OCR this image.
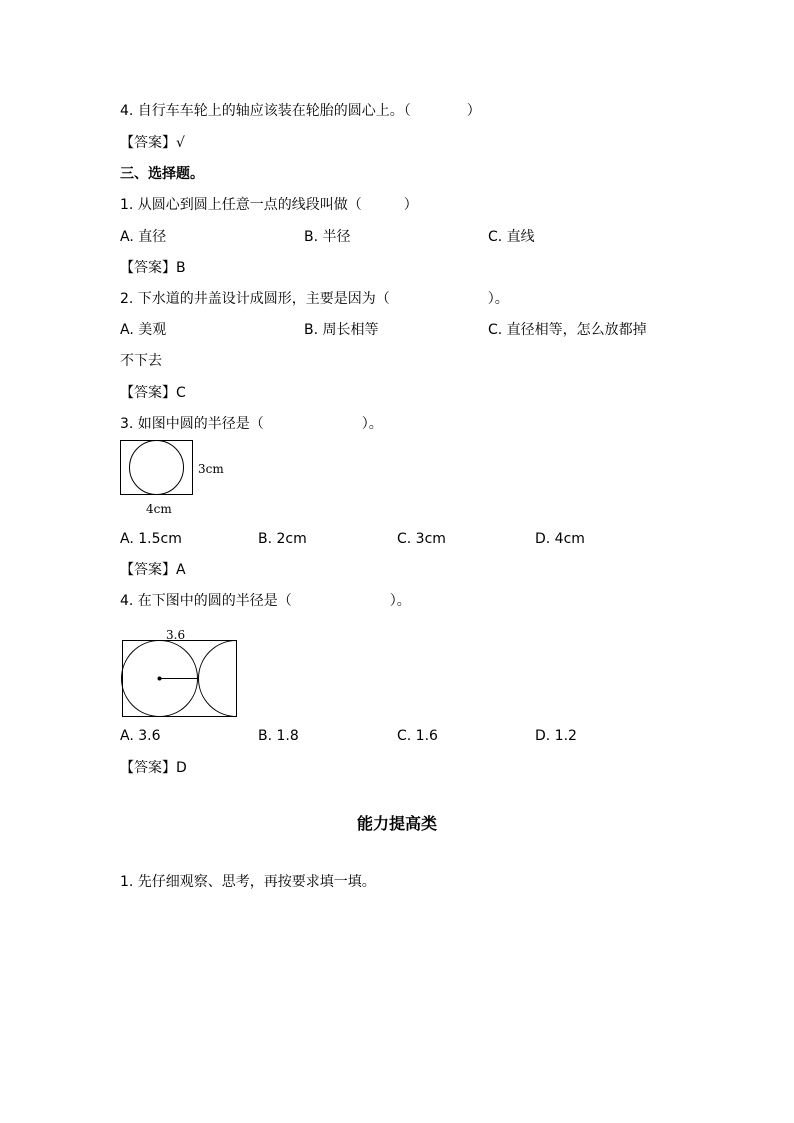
4. 自行车车轮上的轴应该装在轮胎的圆心上。（　　　　）
【答案】√
三、选择题。
1. 从圆心到圆上任意一点的线段叫做（　　　）
A. 直径	B. 半径	C. 直线
【答案】B
2. 下水道的井盖设计成圆形，主要是因为（　　　　　　　）。
A. 美观	B. 周长相等	C. 直径相等，怎么放都掉
不下去
【答案】C
3. 如图中圆的半径是（　　　　　　　）。
3cm
4cm
A. 1.5cm	B. 2cm	C. 3cm	D. 4cm
【答案】A
4. 在下图中的圆的半径是（　　　　　　　）。
3.6
A. 3.6	B. 1.8	C. 1.6	D. 1.2
【答案】D
能力提高类
1. 先仔细观察、思考，再按要求填一填。
